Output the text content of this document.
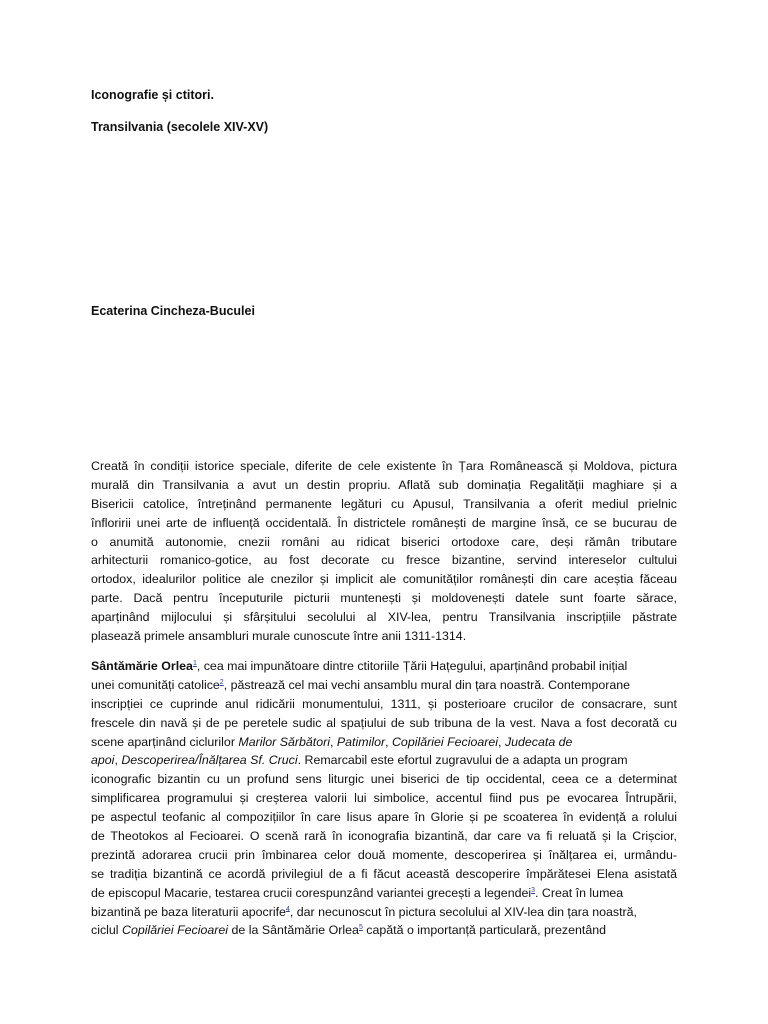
Iconografie și ctitori.
Transilvania (secolele XIV-XV)
Ecaterina Cincheza-Buculei
Creată în condiții istorice speciale, diferite de cele existente în Țara Românească și Moldova, pictura
murală din Transilvania a avut un destin propriu. Aflată sub dominația Regalității maghiare și a
Bisericii catolice, întreținând permanente legături cu Apusul, Transilvania a oferit mediul prielnic
înfloririi unei arte de influență occidentală. În districtele românești de margine însă, ce se bucurau de
o anumită autonomie, cnezii români au ridicat biserici ortodoxe care, deși rămân tributare
arhitecturii romanico-gotice, au fost decorate cu fresce bizantine, servind intereselor cultului
ortodox, idealurilor politice ale cnezilor și implicit ale comunităților românești din care aceștia făceau
parte. Dacă pentru începuturile picturii muntenești și moldovenești datele sunt foarte sărace,
aparținând mijlocului și sfârșitului secolului al XIV-lea, pentru Transilvania inscripțiile păstrate
plasează primele ansambluri murale cunoscute între anii 1311-1314.
Sântămărie Orlea$^1$, cea mai impunătoare dintre ctitoriile Țării Hațegului, aparținând probabil inițial
unei comunități catolice$^2$, păstrează cel mai vechi ansamblu mural din țara noastră. Contemporane
inscripției ce cuprinde anul ridicării monumentului, 1311, și posterioare crucilor de consacrare, sunt
frescele din navă și de pe peretele sudic al spațiului de sub tribuna de la vest. Nava a fost decorată cu
scene aparținând ciclurilor Marilor Sărbători, Patimilor, Copilăriei Fecioarei, Judecata de
apoi, Descoperirea/Înălțarea Sf. Cruci. Remarcabil este efortul zugravului de a adapta un program
iconografic bizantin cu un profund sens liturgic unei biserici de tip occidental, ceea ce a determinat
simplificarea programului și creșterea valorii lui simbolice, accentul fiind pus pe evocarea Întrupării,
pe aspectul teofanic al compozițiilor în care Iisus apare în Glorie și pe scoaterea în evidență a rolului
de Theotokos al Fecioarei. O scenă rară în iconografia bizantină, dar care va fi reluată și la Crișcior,
prezintă adorarea crucii prin îmbinarea celor două momente, descoperirea și înălțarea ei, urmându-
se tradiția bizantină ce acordă privilegiul de a fi făcut această descoperire împărătesei Elena asistată
de episcopul Macarie, testarea crucii corespunzând variantei grecești a legendei$^3$. Creat în lumea
bizantină pe baza literaturii apocrife$^4$, dar necunoscut în pictura secolului al XIV-lea din țara noastră,
ciclul Copilăriei Fecioarei de la Sântămărie Orlea$^5$ capătă o importanță particulară, prezentând
